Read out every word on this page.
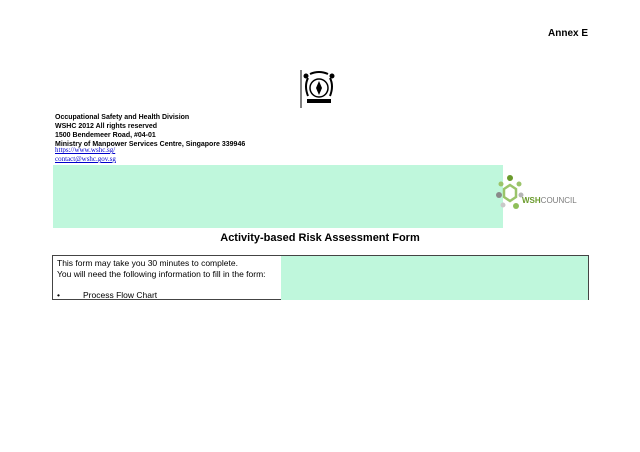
Annex E
Occupational Safety and Health Division
WSHC 2012 All rights reserved
1500 Bendemeer Road, #04-01
Ministry of Manpower Services Centre, Singapore 339946
https://www.wshc.sg/
contact@wshc.gov.sg
WSHCOUNCIL
Activity-based Risk Assessment Form
This form may take you 30 minutes to complete.
You will need the following information to fill in the form:
•	Process Flow Chart
